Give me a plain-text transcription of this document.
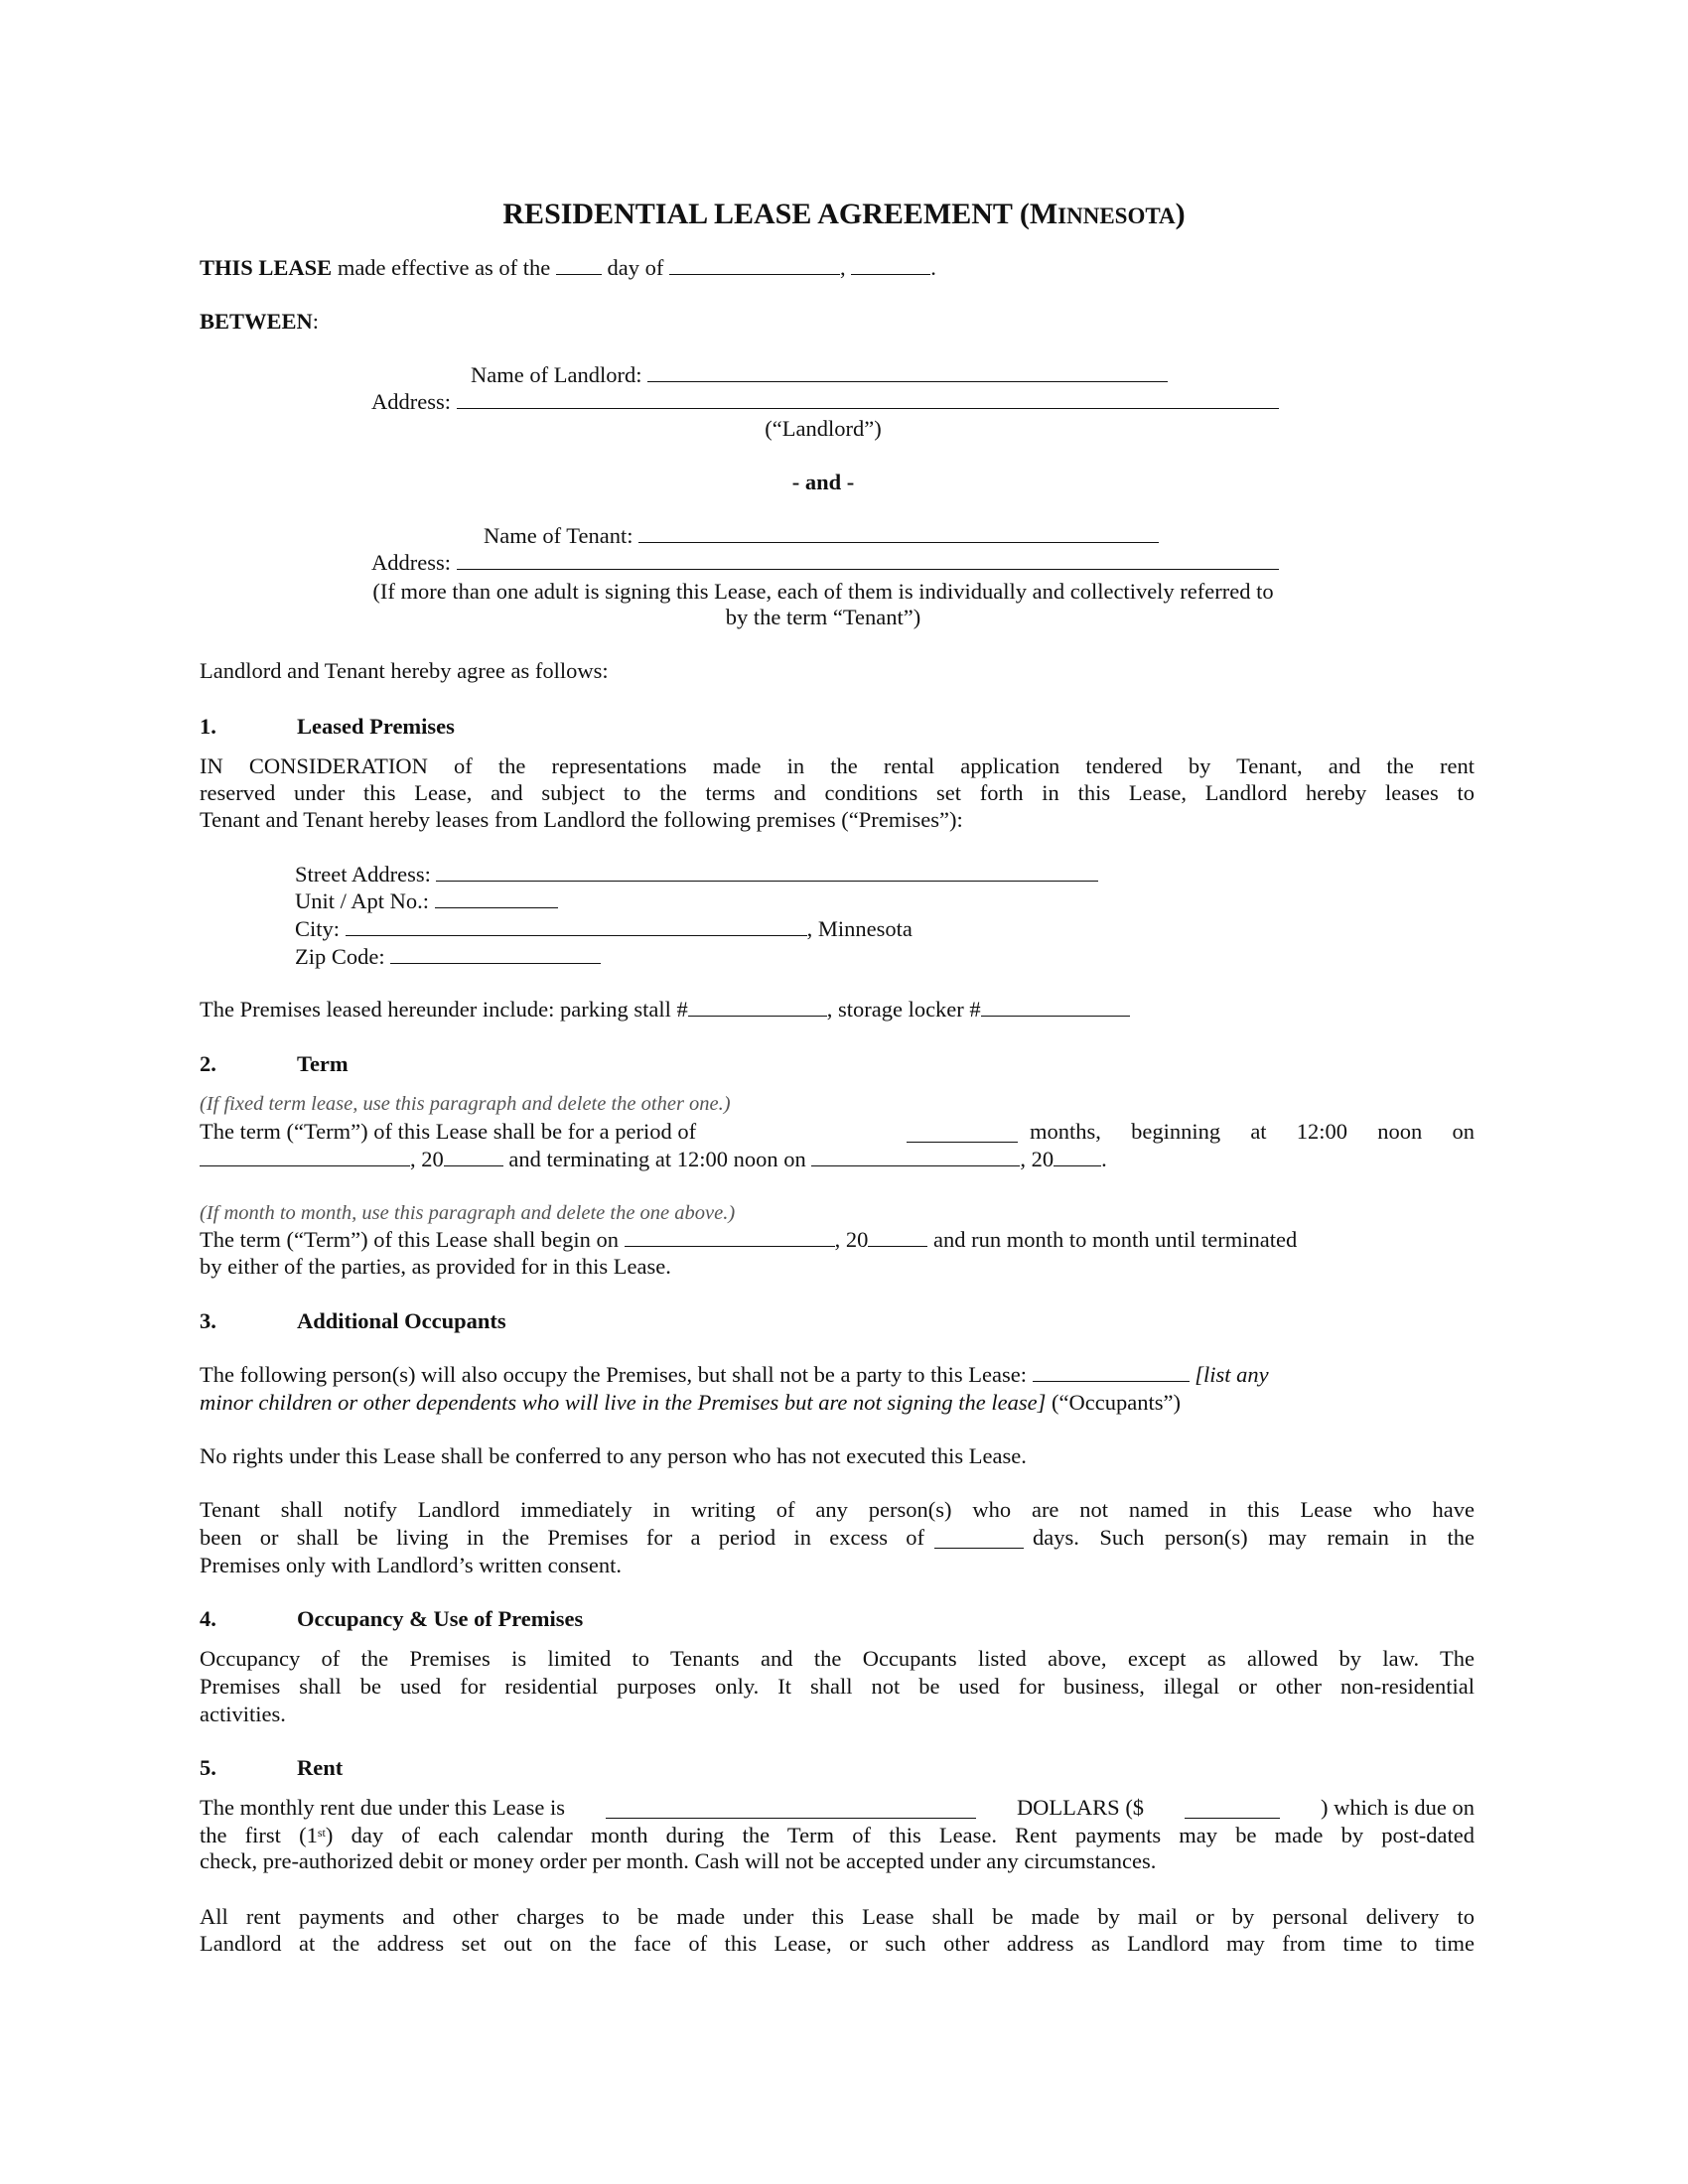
RESIDENTIAL LEASE AGREEMENT (MINNESOTA)
THIS LEASE made effective as of the  day of	,	.
BETWEEN:
Name of Landlord:
Address:
(“Landlord”)
- and -
Name of Tenant:
Address:
(If more than one adult is signing this Lease, each of them is individually and collectively referred to
by the term “Tenant”)
Landlord and Tenant hereby agree as follows:
1.	Leased Premises
IN CONSIDERATION of the representations made in the rental application tendered by Tenant, and the rent
reserved under this Lease, and subject to the terms and conditions set forth in this Lease, Landlord hereby leases to
Tenant and Tenant hereby leases from Landlord the following premises (“Premises”):
Street Address:
Unit / Apt No.:
City:	, Minnesota
Zip Code:
The Premises leased hereunder include: parking stall #	, storage locker #
2.	Term
(If fixed term lease, use this paragraph and delete the other one.)
The term (“Term”) of this Lease shall be for a period of	months, beginning at 12:00 noon on
, 20	and terminating at 12:00 noon on	, 20 .
(If month to month, use this paragraph and delete the one above.)
The term (“Term”) of this Lease shall begin on	, 20	and run month to month until terminated
by either of the parties, as provided for in this Lease.
3.	Additional Occupants
The following person(s) will also occupy the Premises, but shall not be a party to this Lease:	[list any
minor children or other dependents who will live in the Premises but are not signing the lease] (“Occupants”)
No rights under this Lease shall be conferred to any person who has not executed this Lease.
Tenant shall notify Landlord immediately in writing of any person(s) who are not named in this Lease who have
been or shall be living in the Premises for a period in excess of	days. Such person(s) may remain in the
Premises only with Landlord’s written consent.
4.	Occupancy & Use of Premises
Occupancy of the Premises is limited to Tenants and the Occupants listed above, except as allowed by law. The
Premises shall be used for residential purposes only. It shall not be used for business, illegal or other non-residential
activities.
5.	Rent
The monthly rent due under this Lease is	DOLLARS ($	) which is due on
the first (1st) day of each calendar month during the Term of this Lease. Rent payments may be made by post-dated
check, pre-authorized debit or money order per month. Cash will not be accepted under any circumstances.
All rent payments and other charges to be made under this Lease shall be made by mail or by personal delivery to
Landlord at the address set out on the face of this Lease, or such other address as Landlord may from time to time
